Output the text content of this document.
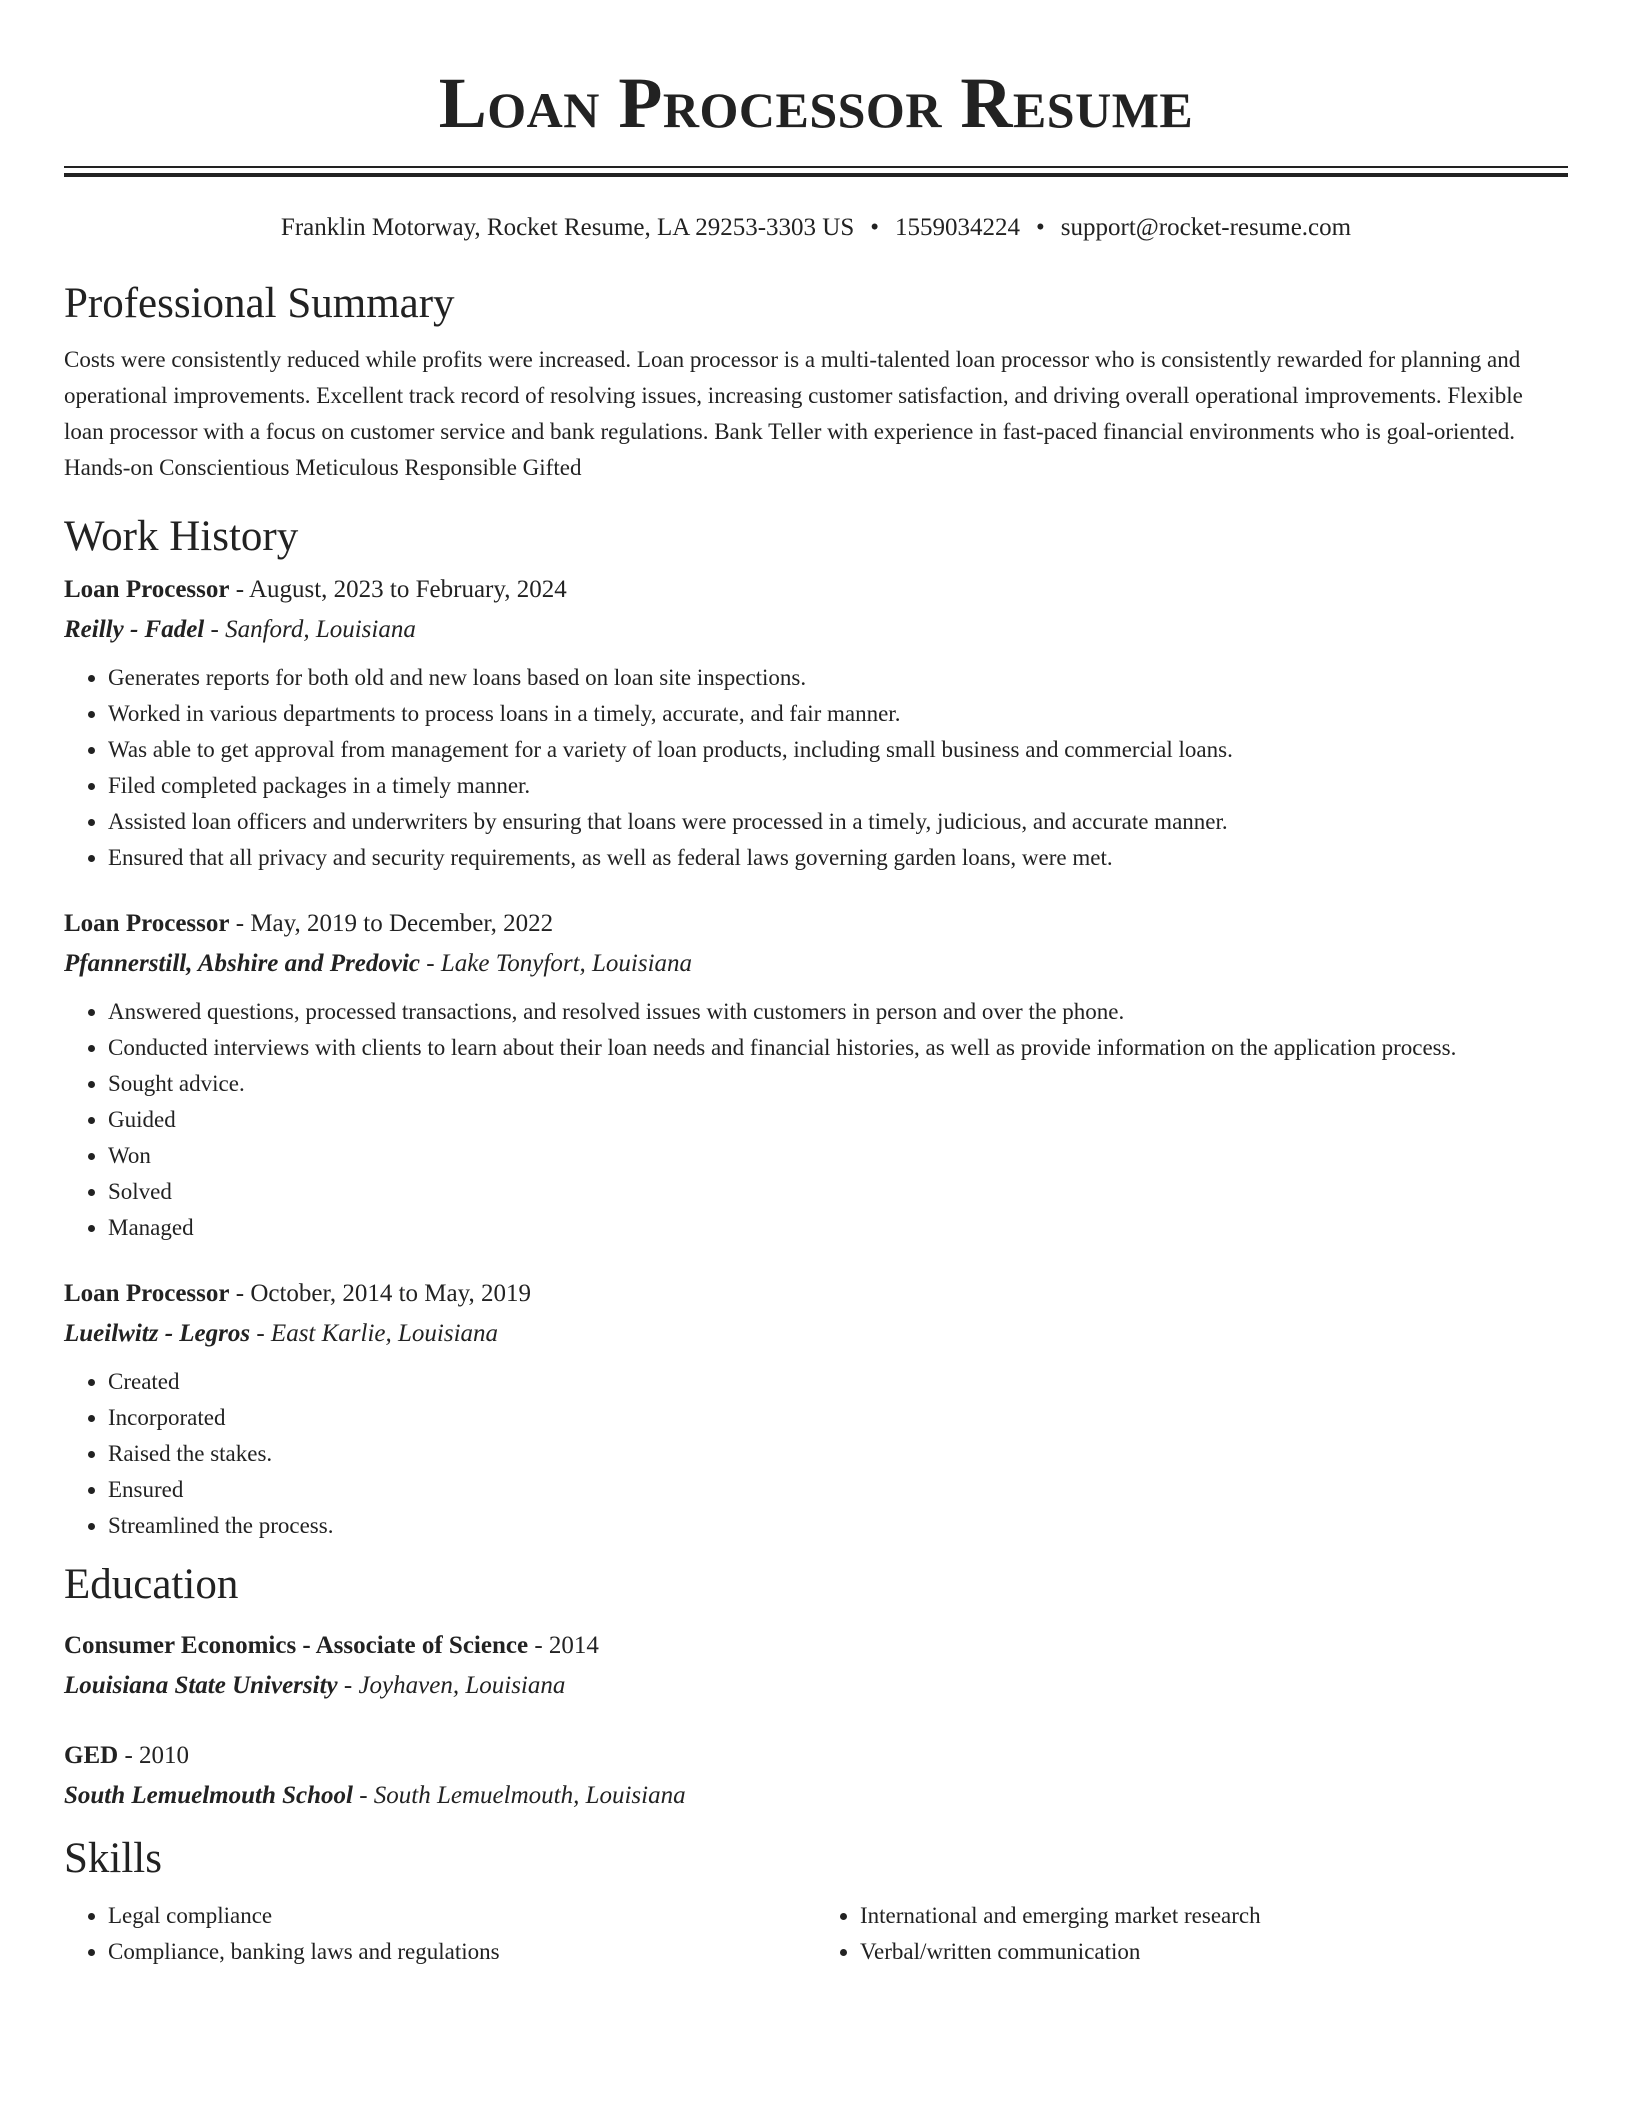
Loan Processor Resume
Franklin Motorway, Rocket Resume, LA 29253-3303 US • 1559034224 • support@rocket-resume.com
Professional Summary

Costs were consistently reduced while profits were increased. Loan processor is a multi-talented loan processor who is consistently rewarded for planning and operational improvements. Excellent track record of resolving issues, increasing customer satisfaction, and driving overall operational improvements. Flexible loan processor with a focus on customer service and bank regulations. Bank Teller with experience in fast-paced financial environments who is goal-oriented. Hands-on Conscientious Meticulous Responsible Gifted

Work History
Loan Processor - August, 2023 to February, 2024
Reilly - Fadel - Sanford, Louisiana
• Generates reports for both old and new loans based on loan site inspections.
• Worked in various departments to process loans in a timely, accurate, and fair manner.
• Was able to get approval from management for a variety of loan products, including small business and commercial loans.
• Filed completed packages in a timely manner.
• Assisted loan officers and underwriters by ensuring that loans were processed in a timely, judicious, and accurate manner.
• Ensured that all privacy and security requirements, as well as federal laws governing garden loans, were met.
Loan Processor - May, 2019 to December, 2022
Pfannerstill, Abshire and Predovic - Lake Tonyfort, Louisiana
• Answered questions, processed transactions, and resolved issues with customers in person and over the phone.
• Conducted interviews with clients to learn about their loan needs and financial histories, as well as provide information on the application process.
• Sought advice.
• Guided
• Won
• Solved
• Managed
Loan Processor - October, 2014 to May, 2019
Lueilwitz - Legros - East Karlie, Louisiana
• Created
• Incorporated
• Raised the stakes.
• Ensured
• Streamlined the process.
Education
Consumer Economics - Associate of Science - 2014
Louisiana State University - Joyhaven, Louisiana
GED - 2010
South Lemuelmouth School - South Lemuelmouth, Louisiana
Skills
• Legal compliance
• Compliance, banking laws and regulations
• International and emerging market research
• Verbal/written communication
